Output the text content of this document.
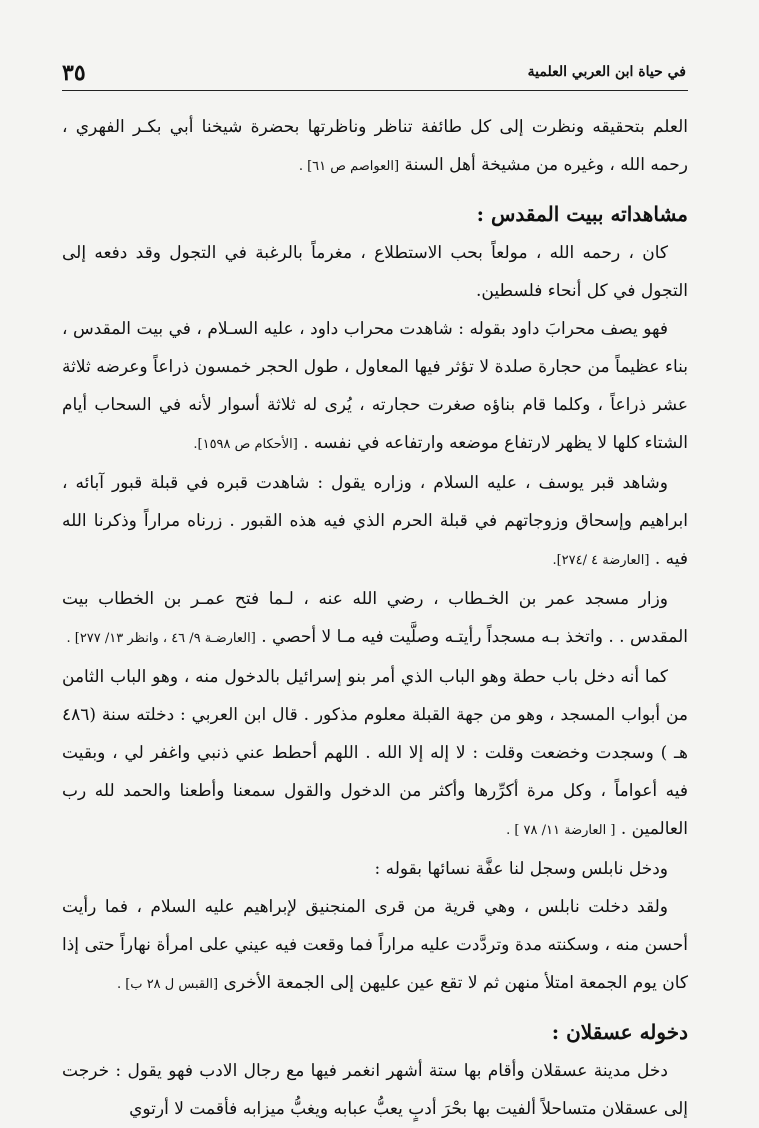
في حياة ابن العربي العلمية
٣٥

العلم بتحقيقه ونظرت إلى كل طائفة تناظر وناظرتها بحضرة شيخنا أبي بكـر الفهري ، رحمه الله ، وغيره من مشيخة أهل السنة [العواصم ص ٦١] .

مشاهداته ببيت المقدس :

كان ، رحمه الله ، مولعاً بحب الاستطلاع ، مغرماً بالرغبة في التجول وقد دفعه إلى التجول في كل أنحاء فلسطين.

فهو يصف محرابَ داود بقوله : شاهدت محراب داود ، عليه السـلام ، في بيت المقدس ، بناء عظيماً من حجارة صلدة لا تؤثر فيها المعاول ، طول الحجر خمسون ذراعاً وعرضه ثلاثة عشر ذراعاً ، وكلما قام بناؤه صغرت حجارته ، يُرى له ثلاثة أسوار لأنه في السحاب أيام الشتاء كلها لا يظهر لارتفاع موضعه وارتفاعه في نفسه . [الأحكام ص ١٥٩٨].

وشاهد قبر يوسف ، عليه السلام ، وزاره يقول : شاهدت قبره في قبلة قبور آبائه ، ابراهيم وإسحاق وزوجاتهم في قبلة الحرم الذي فيه هذه القبور . زرناه مراراً وذكرنا الله فيه . [العارضة ٤ /٢٧٤].

وزار مسجد عمر بن الخـطاب ، رضي الله عنه ، لـما فتح عمـر بن الخطاب بيت المقدس . . واتخذ بـه مسجداً رأيتـه وصلَّيت فيه مـا لا أحصي . [العارضـة ٩/ ٤٦ ، وانظر ١٣/ ٢٧٧] .

كما أنه دخل باب حطة وهو الباب الذي أمر بنو إسرائيل بالدخول منه ، وهو الباب الثامن من أبواب المسجد ، وهو من جهة القبلة معلوم مذكور . قال ابن العربي : دخلته سنة (٤٨٦ هـ ) وسجدت وخضعت وقلت : لا إله إلا الله . اللهم أحطط عني ذنبي واغفر لي ، وبقيت فيه أعواماً ، وكل مرة أكرِّرها وأكثر من الدخول والقول سمعنا وأطعنا والحمد لله رب العالمين . [ العارضة ١١/ ٧٨ ] .

ودخل نابلس وسجل لنا عفَّة نسائها بقوله :

ولقد دخلت نابلس ، وهي قرية من قرى المنجنيق لإبراهيم عليه السلام ، فما رأيت أحسن منه ، وسكنته مدة وتردَّدت عليه مراراً فما وقعت فيه عيني على امرأة نهاراً حتى إذا كان يوم الجمعة امتلأ منهن ثم لا تقع عين عليهن إلى الجمعة الأخرى [القبس ل ٢٨ ب] .

دخوله عسقلان :

دخل مدينة عسقلان وأقام بها ستة أشهر انغمر فيها مع رجال الادب فهو يقول : خرجت إلى عسقلان متساحلاً ألفيت بها بحْرَ أدبٍ يعبُّ عبابه ويغبُّ ميزابه فأقمت لا أرتوي
